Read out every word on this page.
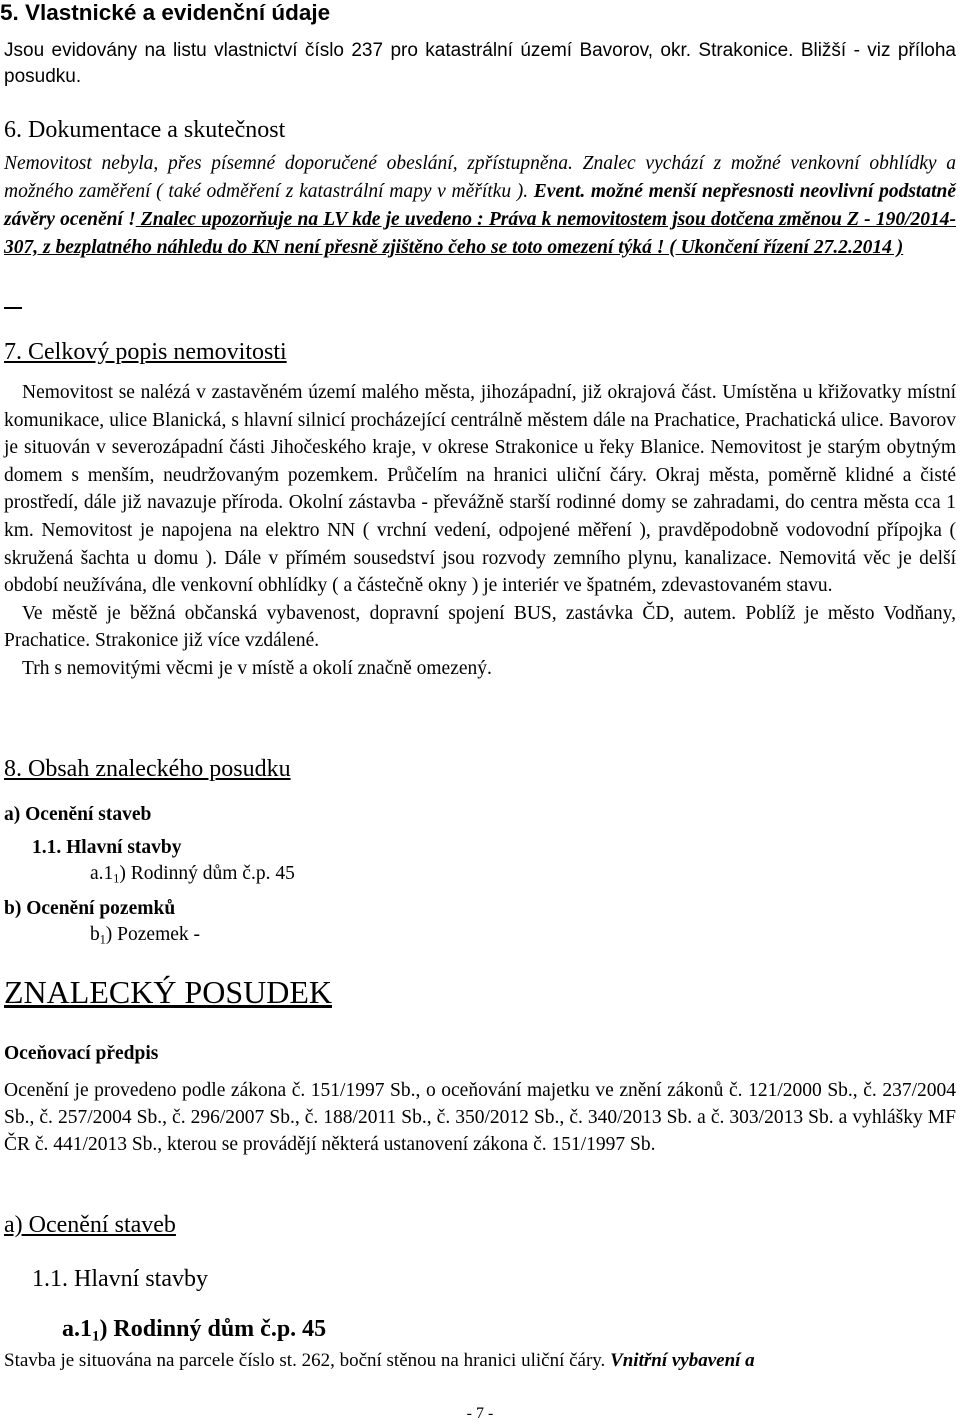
5. Vlastnické a evidenční údaje
Jsou evidovány na listu vlastnictví číslo 237 pro katastrální území Bavorov, okr. Strakonice. Bližší - viz příloha posudku.
6. Dokumentace a skutečnost
Nemovitost nebyla, přes písemné doporučené obeslání, zpřístupněna. Znalec vychází z možné venkovní obhlídky a možného zaměření ( také odměření z katastrální mapy v měřítku ). Event. možné menší nepřesnosti neovlivní podstatně závěry ocenění ! Znalec upozorňuje na LV kde je uvedeno : Práva k nemovitostem jsou dotčena změnou Z - 190/2014-307, z bezplatného náhledu do KN není přesně zjištěno čeho se toto omezení týká ! ( Ukončení řízení 27.2.2014 )
7. Celkový popis nemovitosti

Nemovitost se nalézá v zastavěném území malého města, jihozápadní, již okrajová část. Umístěna u křižovatky místní komunikace, ulice Blanická, s hlavní silnicí procházející centrálně městem dále na Prachatice, Prachatická ulice. Bavorov je situován v severozápadní části Jihočeského kraje, v okrese Strakonice u řeky Blanice. Nemovitost je starým obytným domem s menším, neudržovaným pozemkem. Průčelím na hranici uliční čáry. Okraj města, poměrně klidné a čisté prostředí, dále již navazuje příroda. Okolní zástavba - převážně starší rodinné domy se zahradami, do centra města cca 1 km. Nemovitost je napojena na elektro NN ( vrchní vedení, odpojené měření ), pravděpodobně vodovodní přípojka ( skružená šachta u domu ). Dále v přímém sousedství jsou rozvody zemního plynu, kanalizace. Nemovitá věc je delší období neužívána, dle venkovní obhlídky ( a částečně okny ) je interiér ve špatném, zdevastovaném stavu.

Ve městě je běžná občanská vybavenost, dopravní spojení BUS, zastávka ČD, autem. Poblíž je město Vodňany, Prachatice. Strakonice již více vzdálené.

Trh s nemovitými věcmi je v místě a okolí značně omezený.

8. Obsah znaleckého posudku
a) Ocenění staveb
1.1. Hlavní stavby
$a.1_1$) Rodinný dům č.p. 45
b) Ocenění pozemků
$b_1$) Pozemek -
ZNALECKÝ POSUDEK
Oceňovací předpis
Ocenění je provedeno podle zákona č. 151/1997 Sb., o oceňování majetku ve znění zákonů č. 121/2000 Sb., č. 237/2004 Sb., č. 257/2004 Sb., č. 296/2007 Sb., č. 188/2011 Sb., č. 350/2012 Sb., č. 340/2013 Sb. a č. 303/2013 Sb. a vyhlášky MF ČR č. 441/2013 Sb., kterou se provádějí některá ustanovení zákona č. 151/1997 Sb.
a) Ocenění staveb
1.1. Hlavní stavby
$a.1_1$) Rodinný dům č.p. 45
Stavba je situována na parcele číslo st. 262, boční stěnou na hranici uliční čáry. Vnitřní vybavení a
- 7 -
